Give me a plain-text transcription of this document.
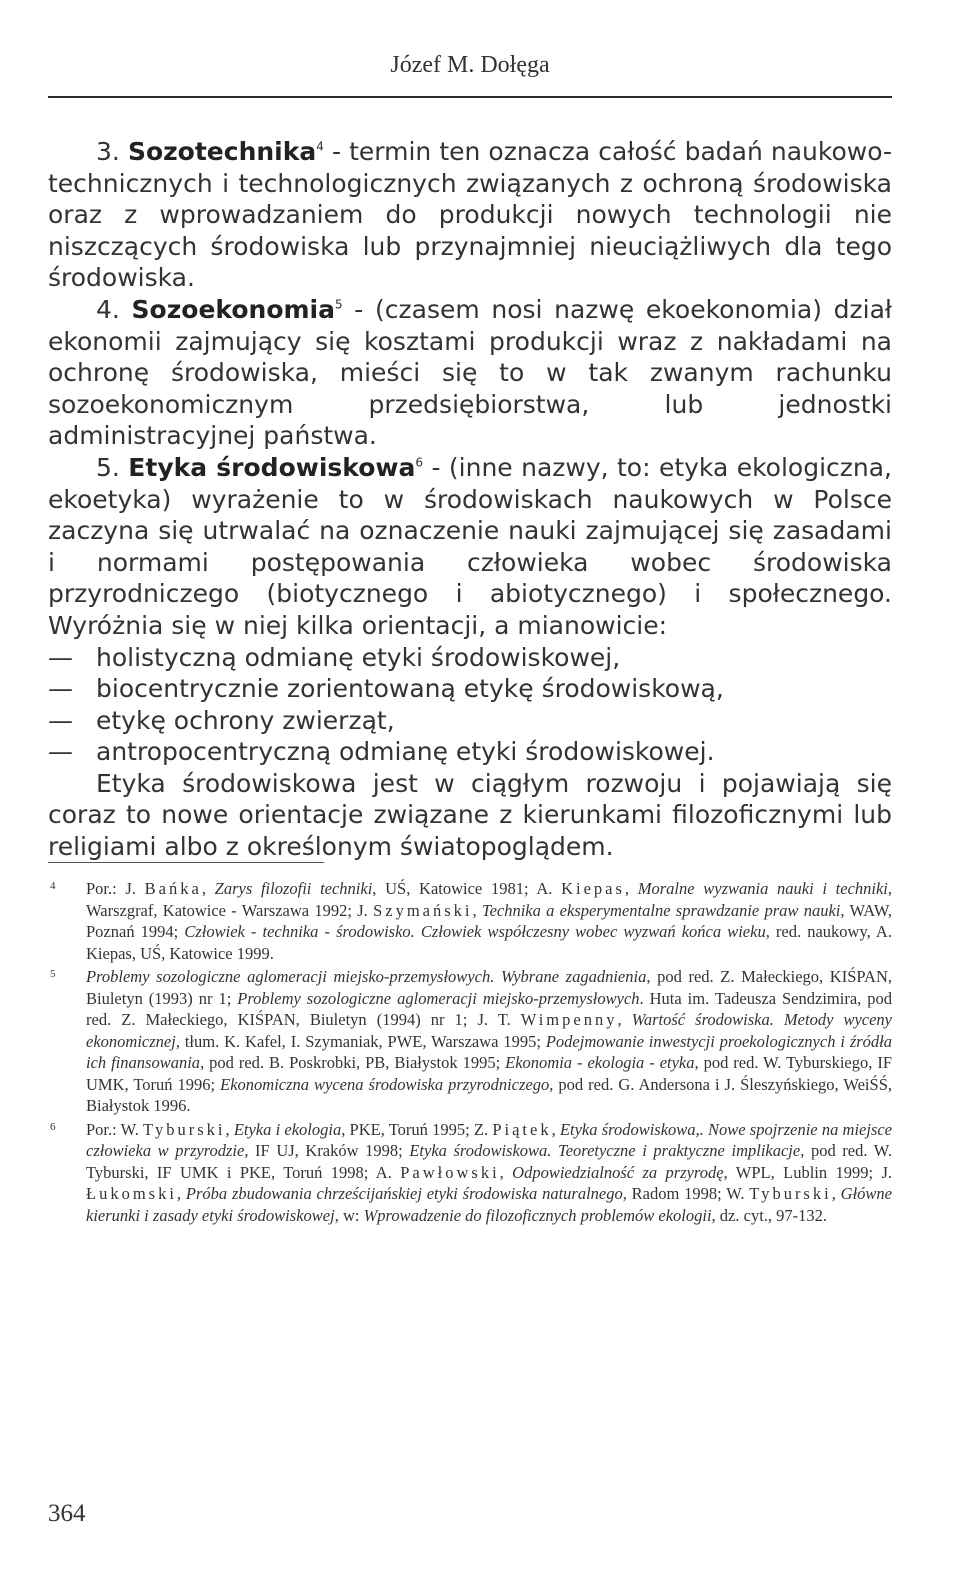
Józef M. Dołęga

3. Sozotechnika$^4$ - termin ten oznacza całość badań naukowo-technicznych i technologicznych związanych z ochroną środowiska oraz z wprowadzaniem do produkcji nowych technologii nie niszczących środowiska lub przynajmniej nieuciążliwych dla tego środowiska.

4. Sozoekonomia$^5$ - (czasem nosi nazwę ekoekonomia) dział ekonomii zajmujący się kosztami produkcji wraz z nakładami na ochronę środowiska, mieści się to w tak zwanym rachunku sozoekonomicznym przedsiębiorstwa, lub jednostki administracyjnej państwa.

5. Etyka środowiskowa$^6$ - (inne nazwy, to: etyka ekologiczna, ekoetyka) wyrażenie to w środowiskach naukowych w Polsce zaczyna się utrwalać na oznaczenie nauki zajmującej się zasadami i normami postępowania człowieka wobec środowiska przyrodniczego (biotycznego i abiotycznego) i społecznego. Wyróżnia się w niej kilka orientacji, a mianowicie:

— holistyczną odmianę etyki środowiskowej,
— biocentrycznie zorientowaną etykę środowiskową,
— etykę ochrony zwierząt,
— antropocentryczną odmianę etyki środowiskowej.

Etyka środowiskowa jest w ciągłym rozwoju i pojawiają się coraz to nowe orientacje związane z kierunkami filozoficznymi lub religiami albo z określonym światopoglądem.

4 Por.: J. Bańka, Zarys filozofii techniki, UŚ, Katowice 1981; A. Kiepas, Moralne wyzwania nauki i techniki, Warszgraf, Katowice - Warszawa 1992; J. Szymański, Technika a eksperymentalne sprawdzanie praw nauki, WAW, Poznań 1994; Człowiek - technika - środowisko. Człowiek współczesny wobec wyzwań końca wieku, red. naukowy, A. Kiepas, UŚ, Katowice 1999.
5 Problemy sozologiczne aglomeracji miejsko-przemysłowych. Wybrane zagadnienia, pod red. Z. Małeckiego, KIŚPAN, Biuletyn (1993) nr 1; Problemy sozologiczne aglomeracji miejsko-przemysłowych. Huta im. Tadeusza Sendzimira, pod red. Z. Małeckiego, KIŚPAN, Biuletyn (1994) nr 1; J. T. Wimpenny, Wartość środowiska. Metody wyceny ekonomicznej, tłum. K. Kafel, I. Szymaniak, PWE, Warszawa 1995; Podejmowanie inwestycji proekologicznych i źródła ich finansowania, pod red. B. Poskrobki, PB, Białystok 1995; Ekonomia - ekologia - etyka, pod red. W. Tyburskiego, IF UMK, Toruń 1996; Ekonomiczna wycena środowiska przyrodniczego, pod red. G. Andersona i J. Śleszyńskiego, WeiŚŚ, Białystok 1996.
6 Por.: W. Tyburski, Etyka i ekologia, PKE, Toruń 1995; Z. Piątek, Etyka środowiskowa,. Nowe spojrzenie na miejsce człowieka w przyrodzie, IF UJ, Kraków 1998; Etyka środowiskowa. Teoretyczne i praktyczne implikacje, pod red. W. Tyburski, IF UMK i PKE, Toruń 1998; A. Pawłowski, Odpowiedzialność za przyrodę, WPL, Lublin 1999; J. Łukomski, Próba zbudowania chrześcijańskiej etyki środowiska naturalnego, Radom 1998; W. Tyburski, Główne kierunki i zasady etyki środowiskowej, w: Wprowadzenie do filozoficznych problemów ekologii, dz. cyt., 97-132.
364
